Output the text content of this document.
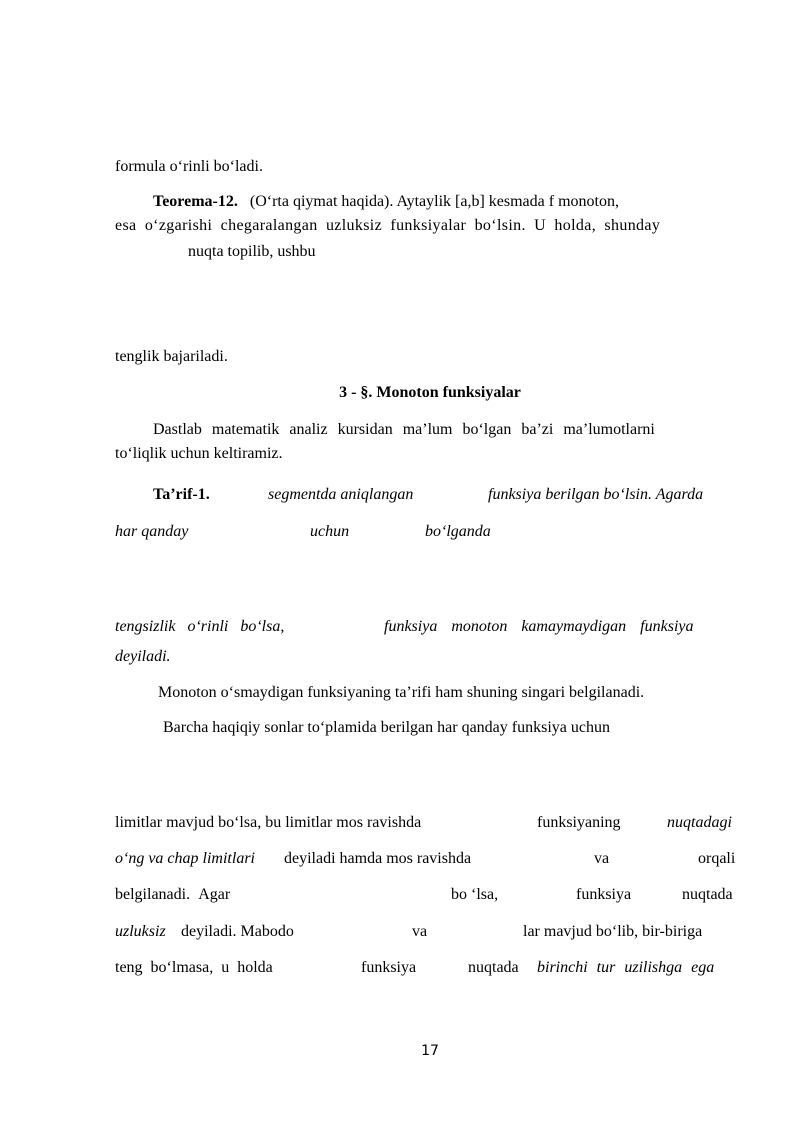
formula o‘rinli bo‘ladi.
Teorema-12. (O‘rta qiymat haqida). Aytaylik [a,b] kesmada f monoton,
esa o‘zgarishi chegaralangan uzluksiz funksiyalar bo‘lsin. U holda, shunday
nuqta topilib, ushbu
tenglik bajariladi.
3 - §. Monoton funksiyalar
Dastlab matematik analiz kursidan ma’lum bo‘lgan ba’zi ma’lumotlarni
to‘liqlik uchun keltiramiz.
Ta’rif-1.	segmentda aniqlangan	funksiya berilgan bo‘lsin. Agarda
har qanday	uchun	bo‘lganda
tengsizlik o‘rinli bo‘lsa,	funksiya monoton kamaymaydigan funksiya
deyiladi.
Monoton o‘smaydigan funksiyaning ta’rifi ham shuning singari belgilanadi.
Barcha haqiqiy sonlar to‘plamida berilgan har qanday funksiya uchun
limitlar mavjud bo‘lsa, bu limitlar mos ravishda	funksiyaning	nuqtadagi
o‘ng va chap limitlari deyiladi hamda mos ravishda	va	orqali
belgilanadi. Agar	bo ‘lsa,	funksiya	nuqtada
uzluksiz deyiladi. Mabodo	va	lar mavjud bo‘lib, bir-biriga
teng bo‘lmasa, u holda	funksiya	nuqtada birinchi tur uzilishga ega
17
